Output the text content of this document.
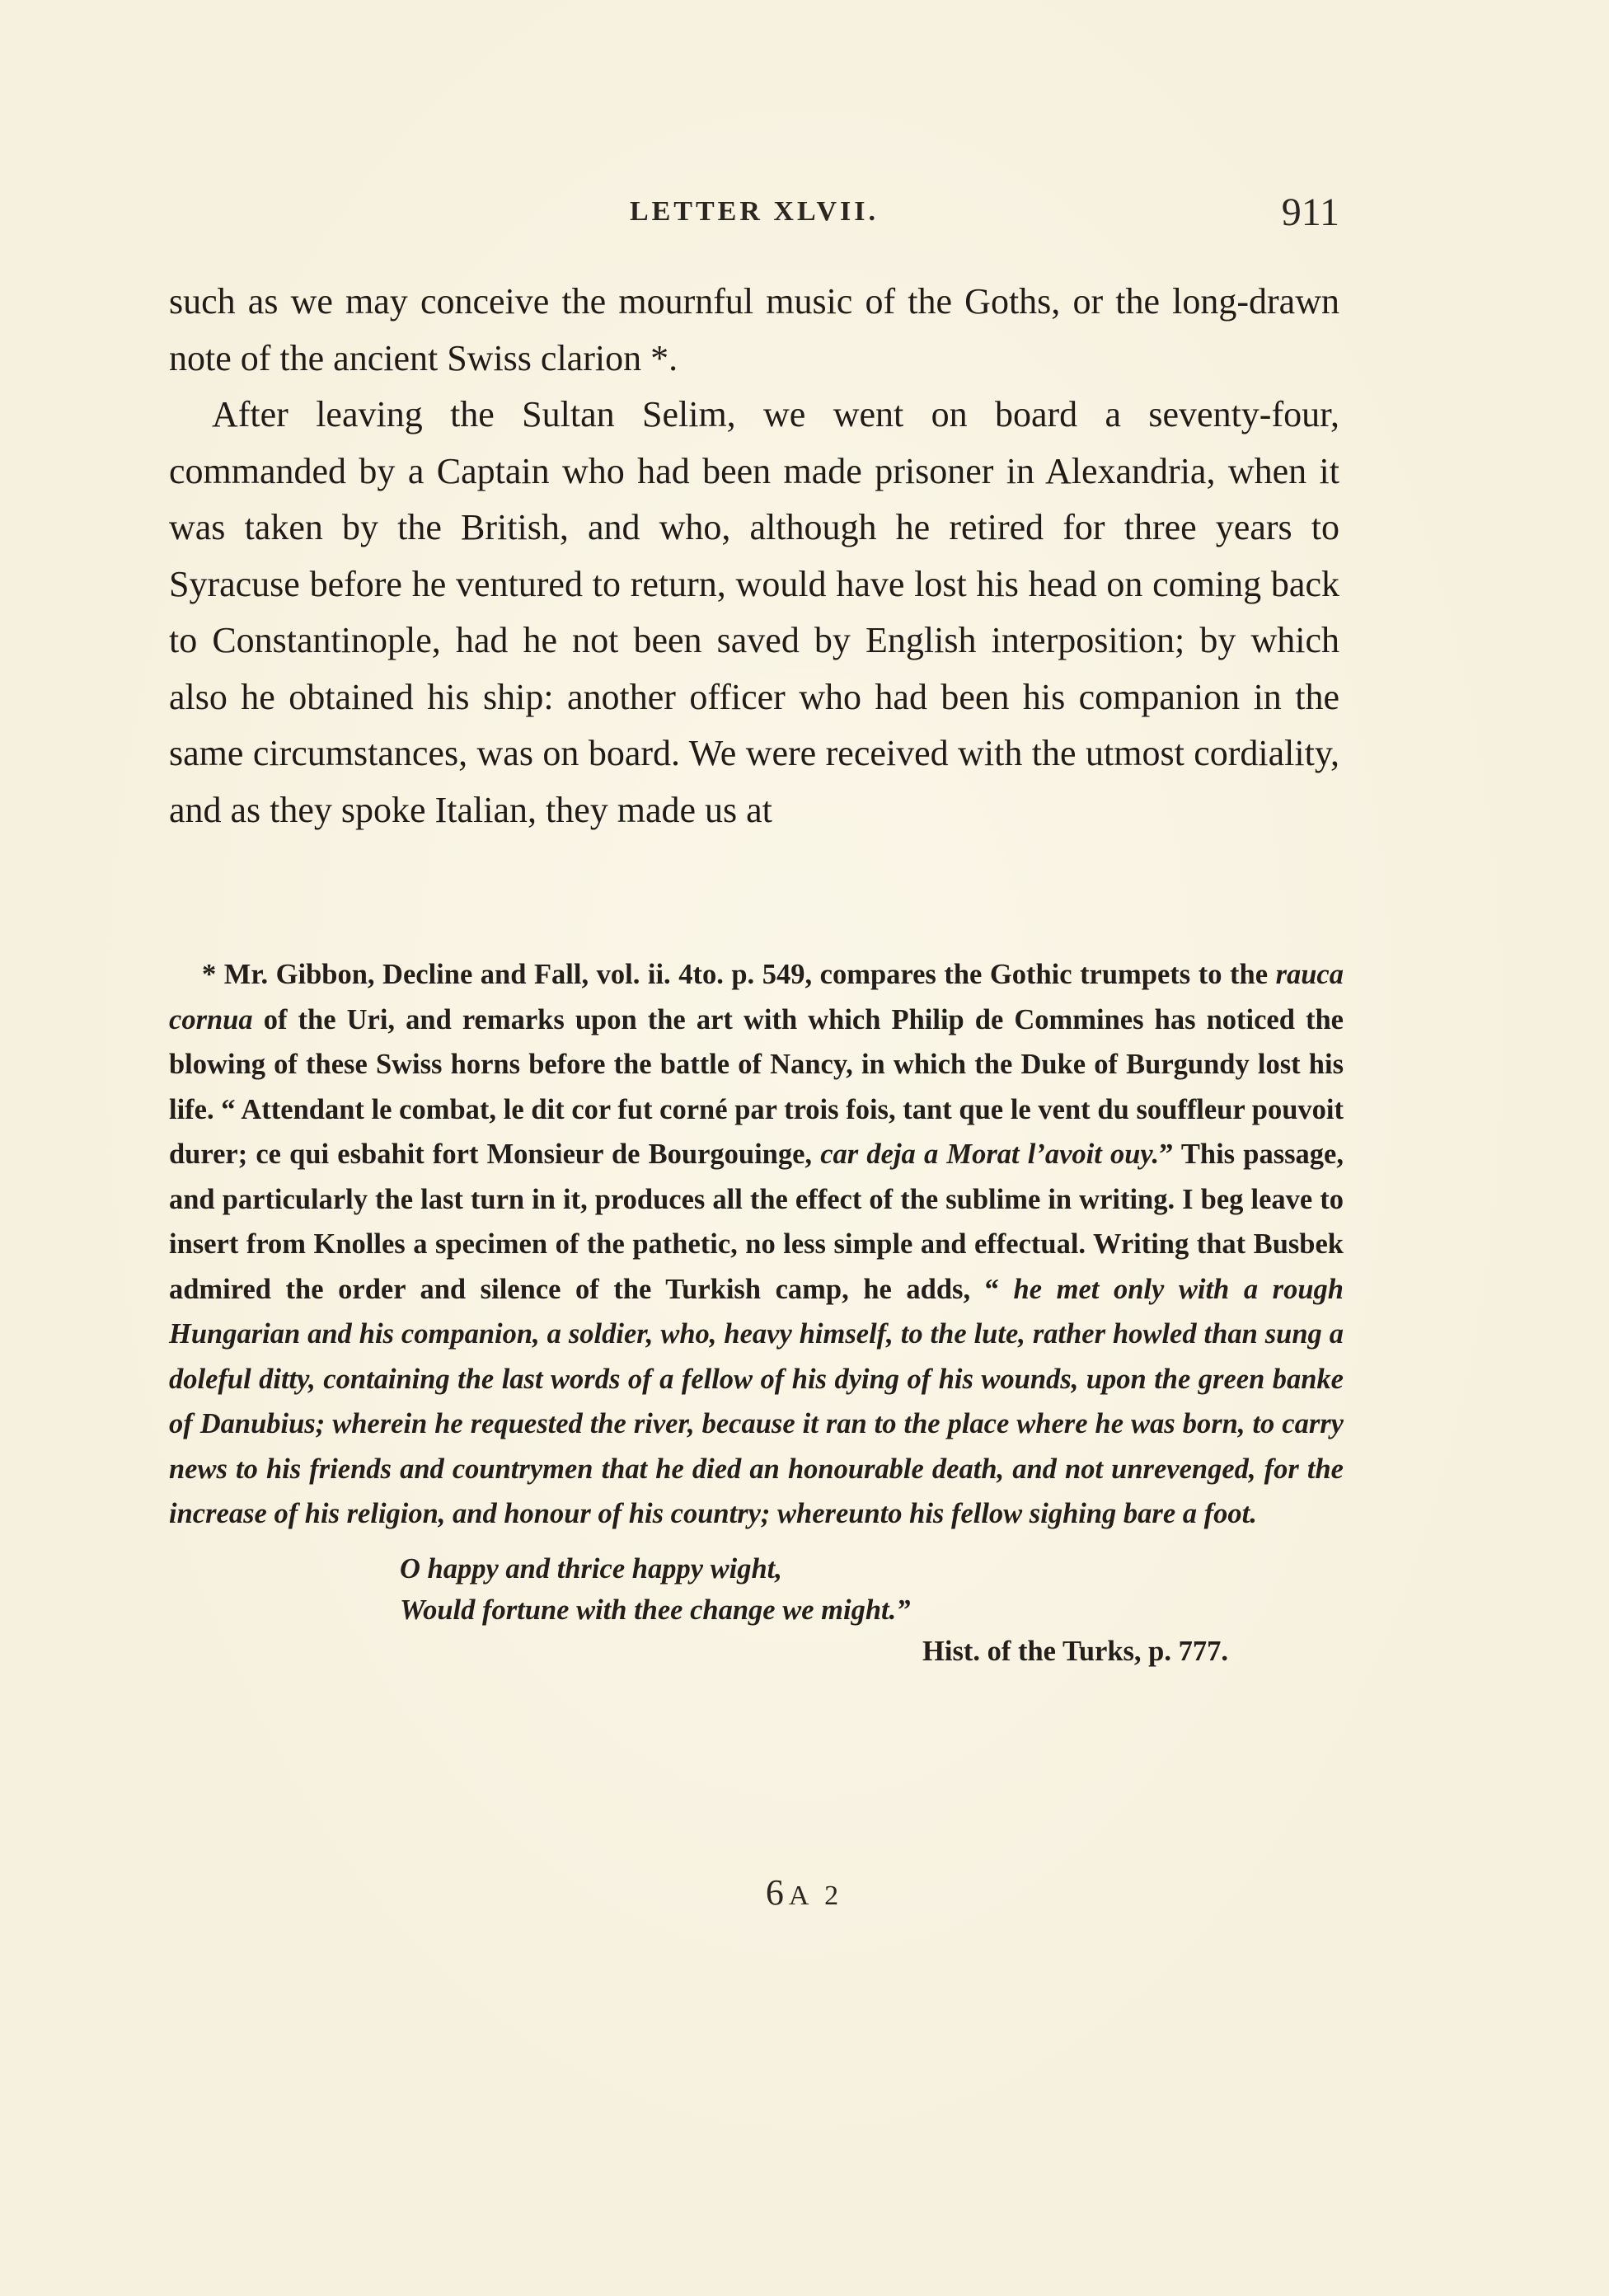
LETTER XLVII.	911

such as we may conceive the mournful music of the Goths, or the long-drawn note of the ancient Swiss clarion *.

After leaving the Sultan Selim, we went on board a seventy-four, commanded by a Captain who had been made prisoner in Alexandria, when it was taken by the British, and who, although he retired for three years to Syracuse before he ventured to return, would have lost his head on coming back to Constantinople, had he not been saved by English interposition; by which also he obtained his ship: another officer who had been his companion in the same circumstances, was on board. We were received with the utmost cordiality, and as they spoke Italian, they made us at

* Mr. Gibbon, Decline and Fall, vol. ii. 4to. p. 549, compares the Gothic trumpets to the rauca cornua of the Uri, and remarks upon the art with which Philip de Commines has noticed the blowing of these Swiss horns before the battle of Nancy, in which the Duke of Burgundy lost his life. “ Attendant le combat, le dit cor fut corné par trois fois, tant que le vent du souffleur pouvoit durer; ce qui esbahit fort Monsieur de Bourgouinge, car deja a Morat l’avoit ouy.” This passage, and particularly the last turn in it, produces all the effect of the sublime in writing. I beg leave to insert from Knolles a specimen of the pathetic, no less simple and effectual. Writing that Busbek admired the order and silence of the Turkish camp, he adds, “ he met only with a rough Hungarian and his companion, a soldier, who, heavy himself, to the lute, rather howled than sung a doleful ditty, containing the last words of a fellow of his dying of his wounds, upon the green banke of Danubius; wherein he requested the river, because it ran to the place where he was born, to carry news to his friends and countrymen that he died an honourable death, and not unrevenged, for the increase of his religion, and honour of his country; whereunto his fellow sighing bare a foot.

O happy and thrice happy wight,
Would fortune with thee change we might.”
Hist. of the Turks, p. 777.
6A 2
